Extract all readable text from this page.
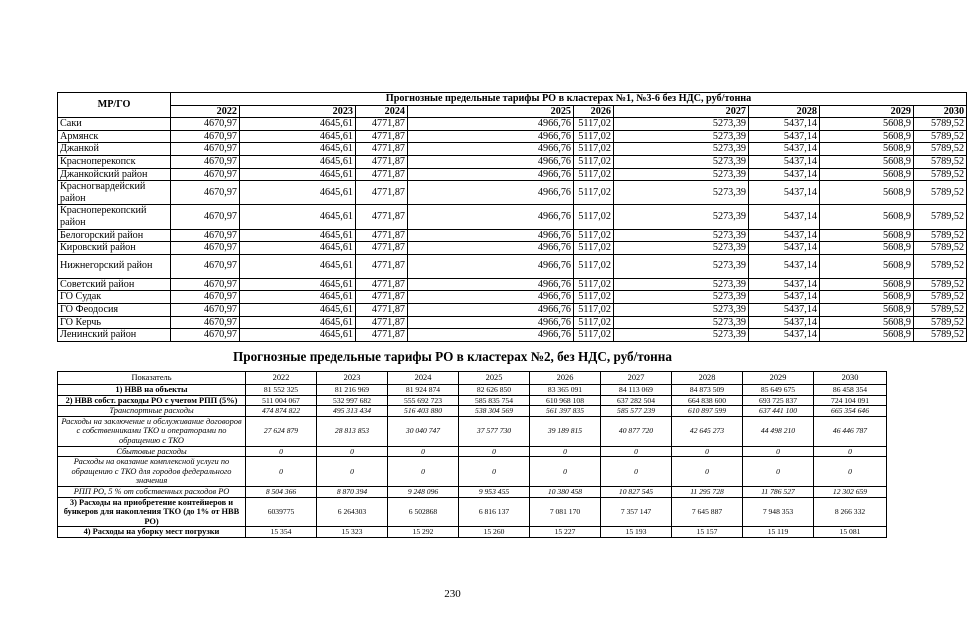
МР/ГО	Прогнозные предельные тарифы РО в кластерах №1, №3-6 без НДС, руб/тонна								
	2022	2023	2024	2025	2026	2027	2028	2029	2030
Саки	4670,97	4645,61	4771,87	4966,76	5117,02	5273,39	5437,14	5608,9	5789,52
Армянск	4670,97	4645,61	4771,87	4966,76	5117,02	5273,39	5437,14	5608,9	5789,52
Джанкой	4670,97	4645,61	4771,87	4966,76	5117,02	5273,39	5437,14	5608,9	5789,52
Красноперекопск	4670,97	4645,61	4771,87	4966,76	5117,02	5273,39	5437,14	5608,9	5789,52
Джанкойский район	4670,97	4645,61	4771,87	4966,76	5117,02	5273,39	5437,14	5608,9	5789,52
Красногвардейский район	4670,97	4645,61	4771,87	4966,76	5117,02	5273,39	5437,14	5608,9	5789,52
Красноперекопский район	4670,97	4645,61	4771,87	4966,76	5117,02	5273,39	5437,14	5608,9	5789,52
Белогорский район	4670,97	4645,61	4771,87	4966,76	5117,02	5273,39	5437,14	5608,9	5789,52
Кировский район	4670,97	4645,61	4771,87	4966,76	5117,02	5273,39	5437,14	5608,9	5789,52
Нижнегорский район	4670,97	4645,61	4771,87	4966,76	5117,02	5273,39	5437,14	5608,9	5789,52
Советский район	4670,97	4645,61	4771,87	4966,76	5117,02	5273,39	5437,14	5608,9	5789,52
ГО Судак	4670,97	4645,61	4771,87	4966,76	5117,02	5273,39	5437,14	5608,9	5789,52
ГО Феодосия	4670,97	4645,61	4771,87	4966,76	5117,02	5273,39	5437,14	5608,9	5789,52
ГО Керчь	4670,97	4645,61	4771,87	4966,76	5117,02	5273,39	5437,14	5608,9	5789,52
Ленинский район	4670,97	4645,61	4771,87	4966,76	5117,02	5273,39	5437,14	5608,9	5789,52
Прогнозные предельные тарифы РО в кластерах №2, без НДС, руб/тонна
Показатель	2022	2023	2024	2025	2026	2027	2028	2029	2030
1) НВВ на объекты	81 552 325	81 216 969	81 924 874	82 626 850	83 365 091	84 113 069	84 873 509	85 649 675	86 458 354
2) НВВ собст. расходы РО с учетом РПП (5%)	511 004 067	532 997 682	555 692 723	585 835 754	610 968 108	637 282 504	664 838 600	693 725 837	724 104 091
Транспортные расходы	474 874 822	495 313 434	516 403 880	538 304 569	561 397 835	585 577 239	610 897 599	637 441 100	665 354 646
Расходы на заключение и обслуживание договоров с собственниками ТКО и операторами по обращению с ТКО	27 624 879	28 813 853	30 040 747	37 577 730	39 189 815	40 877 720	42 645 273	44 498 210	46 446 787
Сбытовые расходы	0	0	0	0	0	0	0	0	0
Расходы на оказание комплексной услуги по обращению с ТКО для городов федерального значения	0	0	0	0	0	0	0	0	0
РПП РО, 5 % от собственных расходов РО	8 504 366	8 870 394	9 248 096	9 953 455	10 380 458	10 827 545	11 295 728	11 786 527	12 302 659
3) Расходы на приобретение контейнеров и бункеров для накопления ТКО (до 1% от НВВ РО)	6039775	6 264303	6 502868	6 816 137	7 081 170	7 357 147	7 645 887	7 948 353	8 266 332
4) Расходы на уборку мест погрузки	15 354	15 323	15 292	15 260	15 227	15 193	15 157	15 119	15 081
230
